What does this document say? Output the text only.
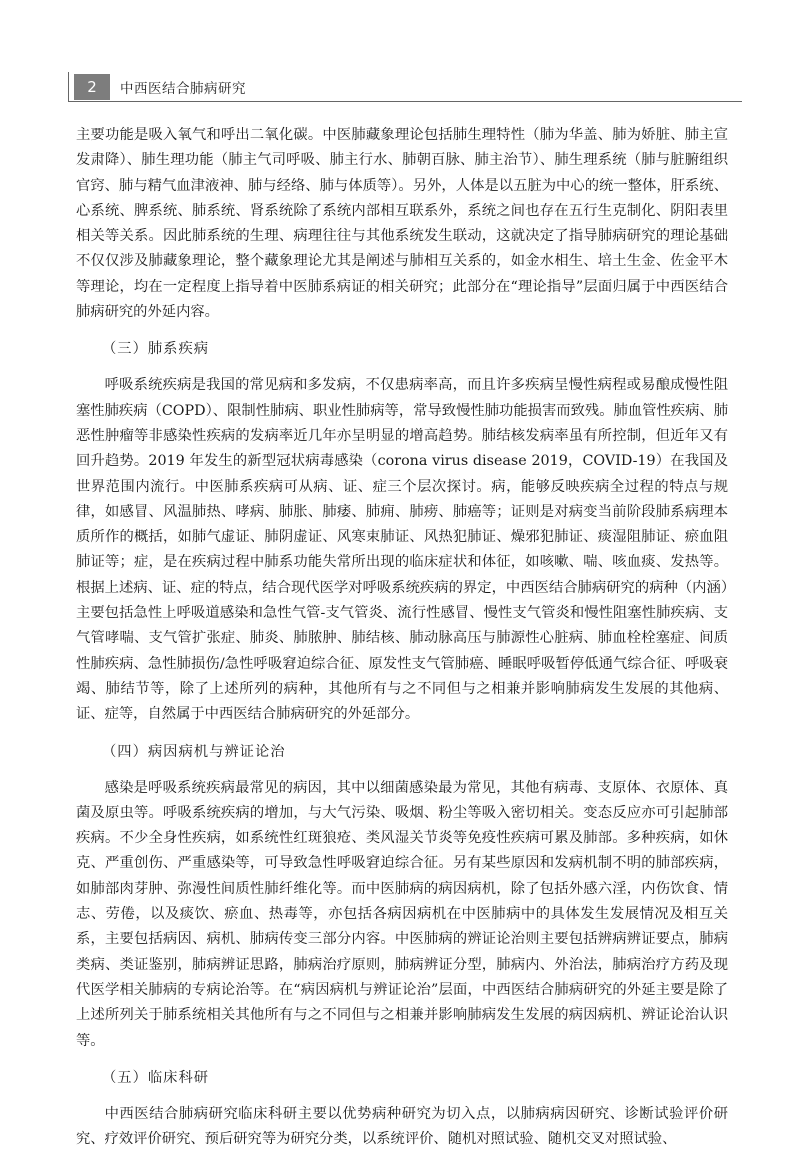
2	中西医结合肺病研究

主要功能是吸入氧气和呼出二氧化碳。中医肺藏象理论包括肺生理特性（肺为华盖、肺为娇脏、肺主宣发肃降）、肺生理功能（肺主气司呼吸、肺主行水、肺朝百脉、肺主治节）、肺生理系统（肺与脏腑组织官窍、肺与精气血津液神、肺与经络、肺与体质等）。另外，人体是以五脏为中心的统一整体，肝系统、心系统、脾系统、肺系统、肾系统除了系统内部相互联系外，系统之间也存在五行生克制化、阴阳表里相关等关系。因此肺系统的生理、病理往往与其他系统发生联动，这就决定了指导肺病研究的理论基础不仅仅涉及肺藏象理论，整个藏象理论尤其是阐述与肺相互关系的，如金水相生、培土生金、佐金平木等理论，均在一定程度上指导着中医肺系病证的相关研究；此部分在“理论指导”层面归属于中西医结合肺病研究的外延内容。

（三）肺系疾病

呼吸系统疾病是我国的常见病和多发病，不仅患病率高，而且许多疾病呈慢性病程或易酿成慢性阻塞性肺疾病（COPD）、限制性肺病、职业性肺病等，常导致慢性肺功能损害而致残。肺血管性疾病、肺恶性肿瘤等非感染性疾病的发病率近几年亦呈明显的增高趋势。肺结核发病率虽有所控制，但近年又有回升趋势。2019 年发生的新型冠状病毒感染（corona virus disease 2019，COVID-19）在我国及世界范围内流行。中医肺系疾病可从病、证、症三个层次探讨。病，能够反映疾病全过程的特点与规律，如感冒、风温肺热、哮病、肺胀、肺痿、肺痈、肺痨、肺癌等；证则是对病变当前阶段肺系病理本质所作的概括，如肺气虚证、肺阴虚证、风寒束肺证、风热犯肺证、燥邪犯肺证、痰湿阻肺证、瘀血阻肺证等；症，是在疾病过程中肺系功能失常所出现的临床症状和体征，如咳嗽、喘、咳血痰、发热等。根据上述病、证、症的特点，结合现代医学对呼吸系统疾病的界定，中西医结合肺病研究的病种（内涵）主要包括急性上呼吸道感染和急性气管-支气管炎、流行性感冒、慢性支气管炎和慢性阻塞性肺疾病、支气管哮喘、支气管扩张症、肺炎、肺脓肿、肺结核、肺动脉高压与肺源性心脏病、肺血栓栓塞症、间质性肺疾病、急性肺损伤/急性呼吸窘迫综合征、原发性支气管肺癌、睡眠呼吸暂停低通气综合征、呼吸衰竭、肺结节等，除了上述所列的病种，其他所有与之不同但与之相兼并影响肺病发生发展的其他病、证、症等，自然属于中西医结合肺病研究的外延部分。

（四）病因病机与辨证论治

感染是呼吸系统疾病最常见的病因，其中以细菌感染最为常见，其他有病毒、支原体、衣原体、真菌及原虫等。呼吸系统疾病的增加，与大气污染、吸烟、粉尘等吸入密切相关。变态反应亦可引起肺部疾病。不少全身性疾病，如系统性红斑狼疮、类风湿关节炎等免疫性疾病可累及肺部。多种疾病，如休克、严重创伤、严重感染等，可导致急性呼吸窘迫综合征。另有某些原因和发病机制不明的肺部疾病，如肺部肉芽肿、弥漫性间质性肺纤维化等。而中医肺病的病因病机，除了包括外感六淫，内伤饮食、情志、劳倦，以及痰饮、瘀血、热毒等，亦包括各病因病机在中医肺病中的具体发生发展情况及相互关系，主要包括病因、病机、肺病传变三部分内容。中医肺病的辨证论治则主要包括辨病辨证要点，肺病类病、类证鉴别，肺病辨证思路，肺病治疗原则，肺病辨证分型，肺病内、外治法，肺病治疗方药及现代医学相关肺病的专病论治等。在“病因病机与辨证论治”层面，中西医结合肺病研究的外延主要是除了上述所列关于肺系统相关其他所有与之不同但与之相兼并影响肺病发生发展的病因病机、辨证论治认识等。

（五）临床科研

中西医结合肺病研究临床科研主要以优势病种研究为切入点，以肺病病因研究、诊断试验评价研究、疗效评价研究、预后研究等为研究分类，以系统评价、随机对照试验、随机交叉对照试验、
